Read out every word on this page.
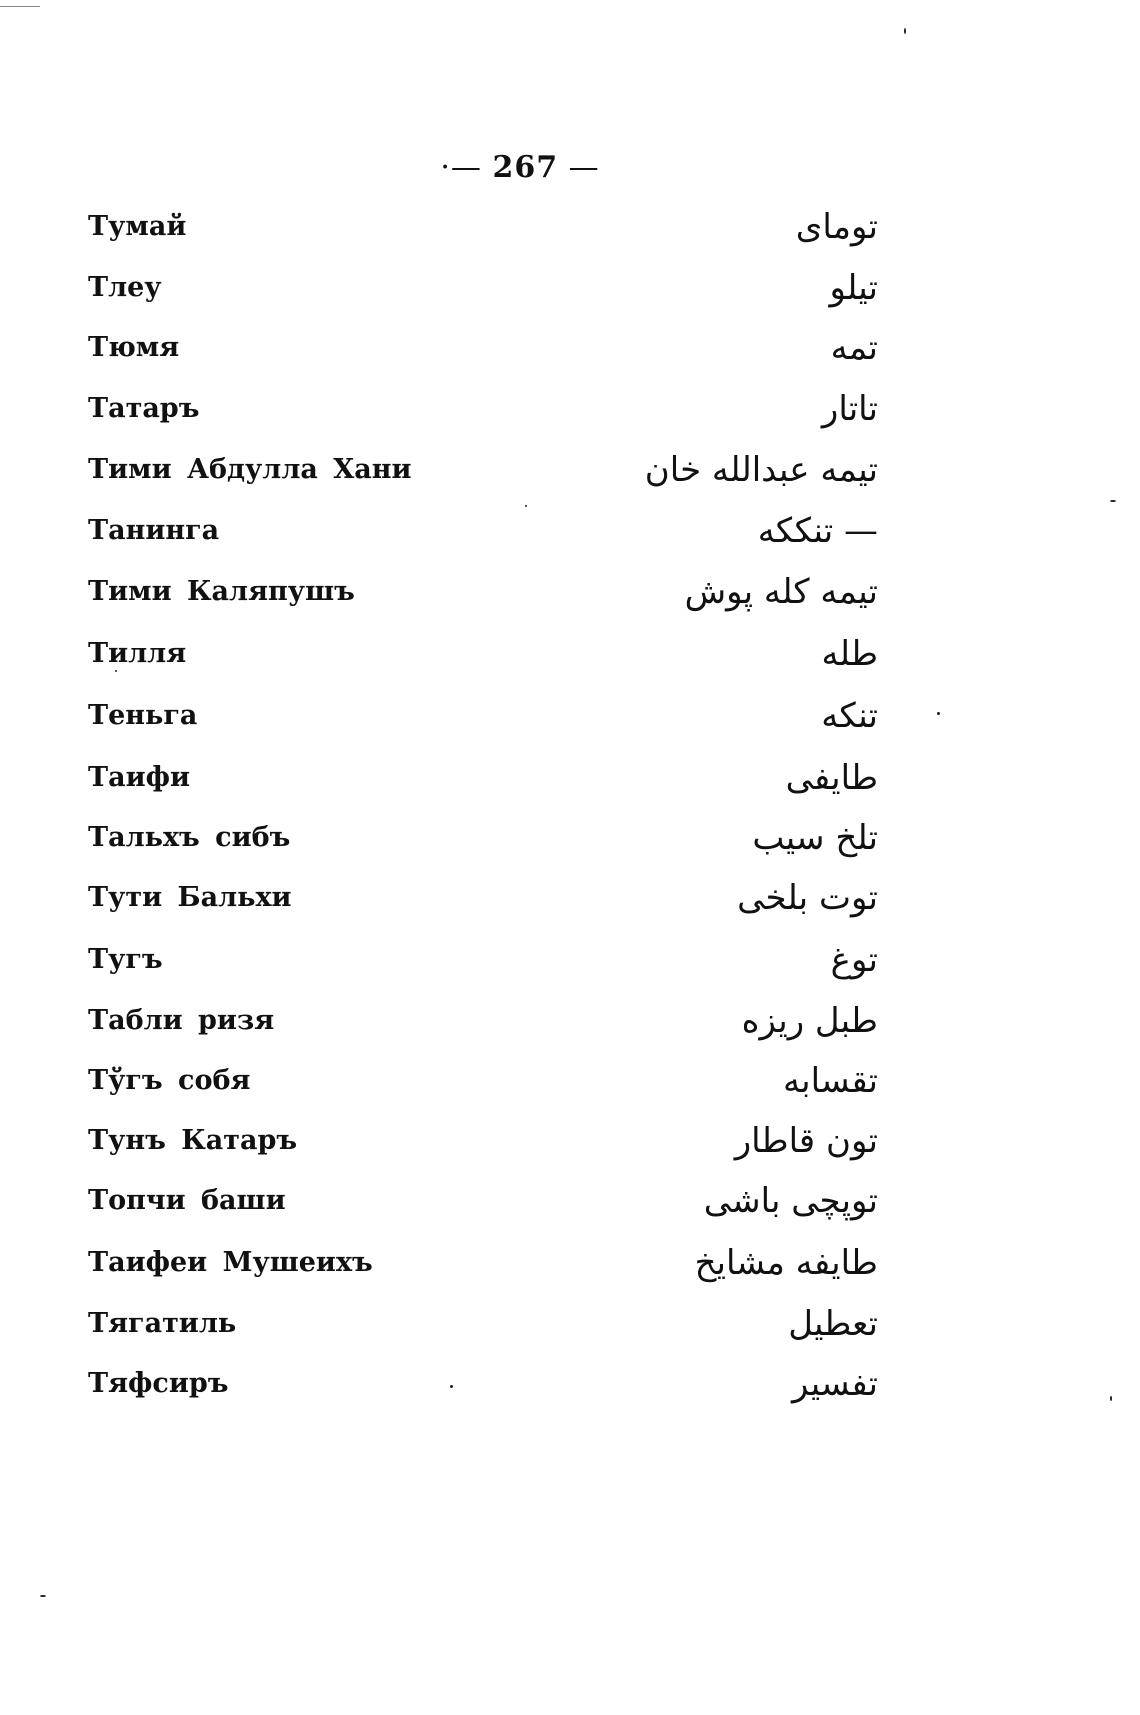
·— 267 —
Тумай	تومای
Тлеу	تیلو
Тюмя	تمه
Татаръ	تاتار
Тими Абдулла Хани	تیمه عبدالله خان
Танинга	— تنککه
Тими Каляпушъ	تیمه کله پوش
Тилля	طله
Теньга	تنکه
Таифи	طایفی
Тальхъ сибъ	تلخ سیب
Тути Бальхи	توت بلخی
Тугъ	توغ
Табли ризя	طبل ریزه
Тўгъ собя	تقسابه
Тунъ Катаръ	تون قاطار
Топчи баши	توپچی باشی
Таифеи Мушеихъ	طایفه مشایخ
Тягатиль	تعطیل
Тяфсиръ	تفسیر
